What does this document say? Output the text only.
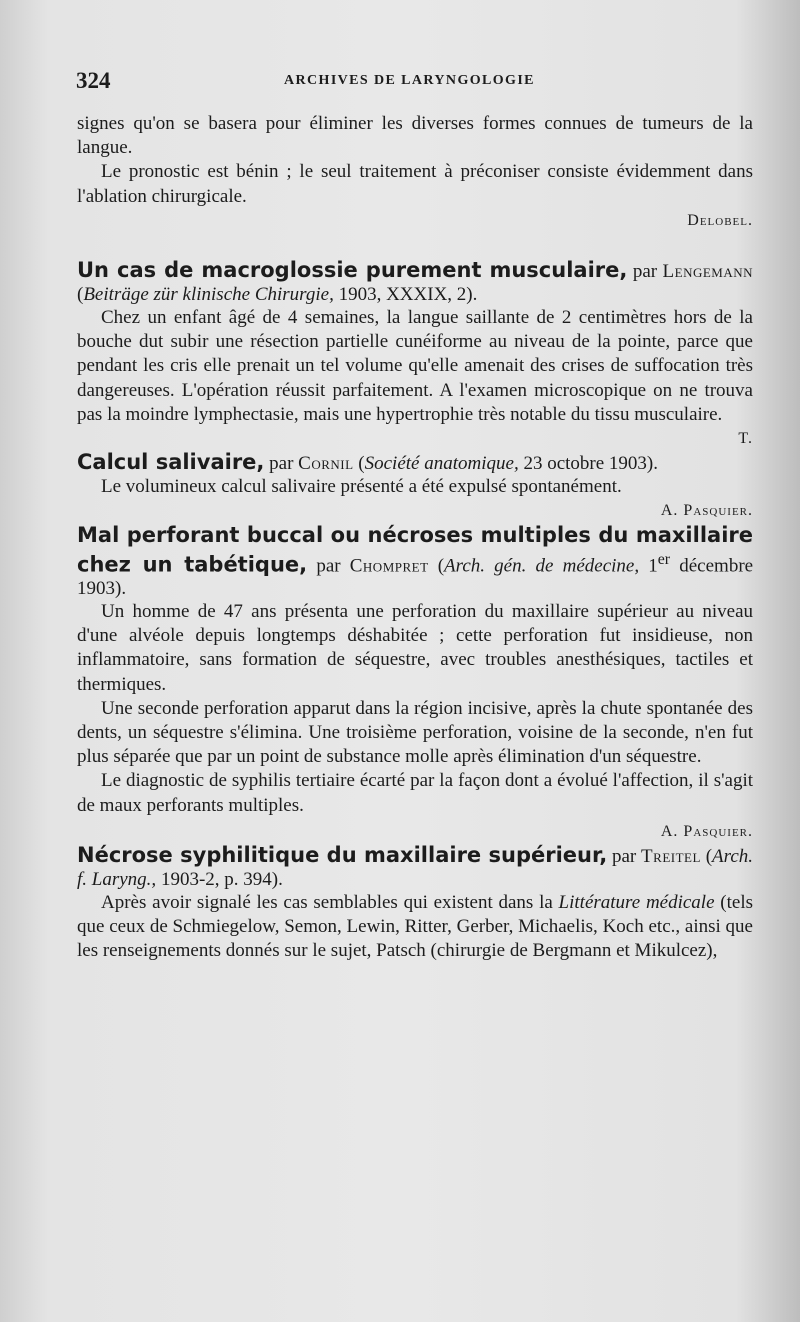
324	ARCHIVES DE LARYNGOLOGIE

signes qu'on se basera pour éliminer les diverses formes connues de tumeurs de la langue.

Le pronostic est bénin ; le seul traitement à préconiser consiste évidemment dans l'ablation chirurgicale.

Delobel.

Un cas de macroglossie purement musculaire, par Lengemann (Beiträge zür klinische Chirurgie, 1903, XXXIX, 2).

Chez un enfant âgé de 4 semaines, la langue saillante de 2 centimètres hors de la bouche dut subir une résection partielle cunéiforme au niveau de la pointe, parce que pendant les cris elle prenait un tel volume qu'elle amenait des crises de suffocation très dangereuses. L'opération réussit parfaitement. A l'examen microscopique on ne trouva pas la moindre lymphectasie, mais une hypertrophie très notable du tissu musculaire.

T.

Calcul salivaire, par Cornil (Société anatomique, 23 octobre 1903).

Le volumineux calcul salivaire présenté a été expulsé spontanément.

A. Pasquier.

Mal perforant buccal ou nécroses multiples du maxillaire chez un tabétique, par Chompret (Arch. gén. de médecine, 1er décembre 1903).

Un homme de 47 ans présenta une perforation du maxillaire supérieur au niveau d'une alvéole depuis longtemps déshabitée ; cette perforation fut insidieuse, non inflammatoire, sans formation de séquestre, avec troubles anesthésiques, tactiles et thermiques.

Une seconde perforation apparut dans la région incisive, après la chute spontanée des dents, un séquestre s'élimina. Une troisième perforation, voisine de la seconde, n'en fut plus séparée que par un point de substance molle après élimination d'un séquestre.

Le diagnostic de syphilis tertiaire écarté par la façon dont a évolué l'affection, il s'agit de maux perforants multiples.

A. Pasquier.

Nécrose syphilitique du maxillaire supérieur, par Treitel (Arch. f. Laryng., 1903-2, p. 394).

Après avoir signalé les cas semblables qui existent dans la Littérature médicale (tels que ceux de Schmiegelow, Semon, Lewin, Ritter, Gerber, Michaelis, Koch etc., ainsi que les renseignements donnés sur le sujet, Patsch (chirurgie de Bergmann et Mikulcez),
